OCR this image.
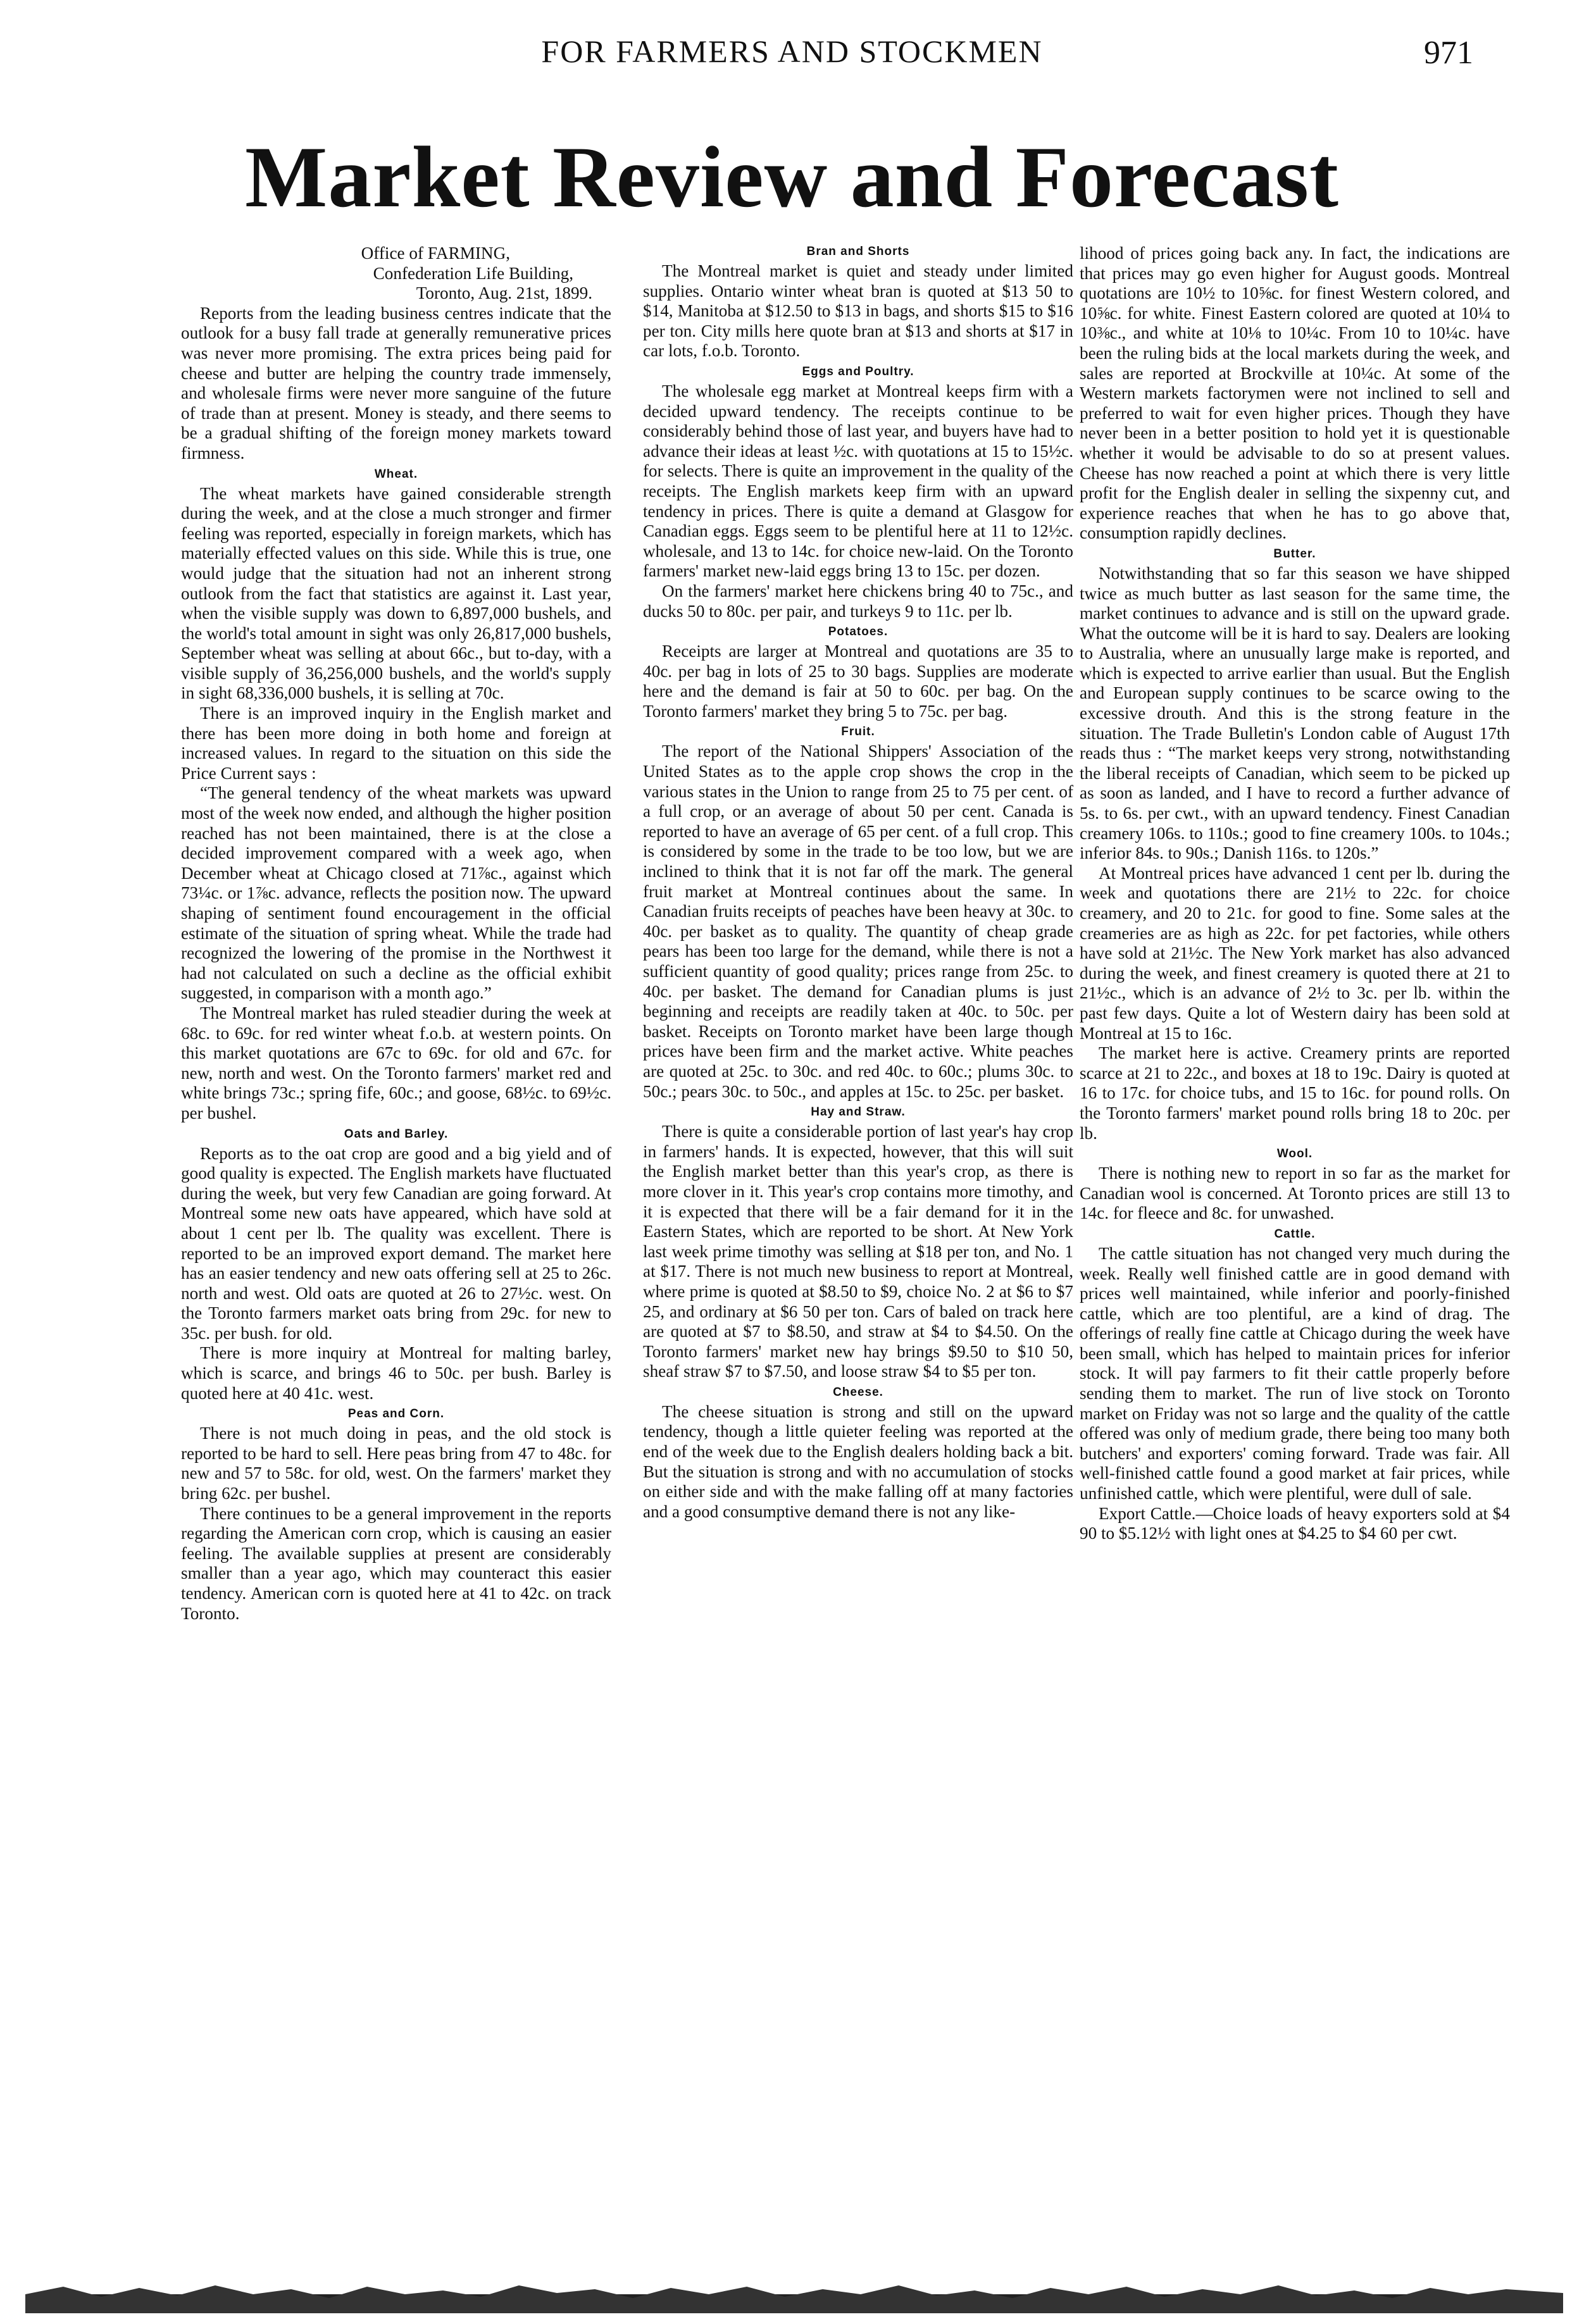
FOR FARMERS AND STOCKMEN	971
Market Review and Forecast
Office of FARMING,
Confederation Life Building,
Toronto, Aug. 21st, 1899.

Reports from the leading business centres indicate that the outlook for a busy fall trade at generally remunerative prices was never more promising. The extra prices being paid for cheese and butter are helping the country trade immensely, and wholesale firms were never more sanguine of the future of trade than at present. Money is steady, and there seems to be a gradual shifting of the foreign money markets toward firmness.

Wheat.

The wheat markets have gained considerable strength during the week, and at the close a much stronger and firmer feeling was reported, especially in foreign markets, which has materially effected values on this side. While this is true, one would judge that the situation had not an inherent strong outlook from the fact that statistics are against it. Last year, when the visible supply was down to 6,897,000 bushels, and the world's total amount in sight was only 26,817,000 bushels, September wheat was selling at about 66c., but to-day, with a visible supply of 36,256,000 bushels, and the world's supply in sight 68,336,000 bushels, it is selling at 70c.

There is an improved inquiry in the English market and there has been more doing in both home and foreign at increased values. In regard to the situation on this side the Price Current says :

“The general tendency of the wheat markets was upward most of the week now ended, and although the higher position reached has not been maintained, there is at the close a decided improvement compared with a week ago, when December wheat at Chicago closed at 71⅞c., against which 73¼c. or 1⅞c. advance, reflects the position now. The upward shaping of sentiment found encouragement in the official estimate of the situation of spring wheat. While the trade had recognized the lowering of the promise in the Northwest it had not calculated on such a decline as the official exhibit suggested, in comparison with a month ago.”

The Montreal market has ruled steadier during the week at 68c. to 69c. for red winter wheat f.o.b. at western points. On this market quotations are 67c to 69c. for old and 67c. for new, north and west. On the Toronto farmers' market red and white brings 73c.; spring fife, 60c.; and goose, 68½c. to 69½c. per bushel.

Oats and Barley.

Reports as to the oat crop are good and a big yield and of good quality is expected. The English markets have fluctuated during the week, but very few Canadian are going forward. At Montreal some new oats have appeared, which have sold at about 1 cent per lb. The quality was excellent. There is reported to be an improved export demand. The market here has an easier tendency and new oats offering sell at 25 to 26c. north and west. Old oats are quoted at 26 to 27½c. west. On the Toronto farmers market oats bring from 29c. for new to 35c. per bush. for old.

There is more inquiry at Montreal for malting barley, which is scarce, and brings 46 to 50c. per bush. Barley is quoted here at 40 41c. west.

Peas and Corn.

There is not much doing in peas, and the old stock is reported to be hard to sell. Here peas bring from 47 to 48c. for new and 57 to 58c. for old, west. On the farmers' market they bring 62c. per bushel.

There continues to be a general improvement in the reports regarding the American corn crop, which is causing an easier feeling. The available supplies at present are considerably smaller than a year ago, which may counteract this easier tendency. American corn is quoted here at 41 to 42c. on track Toronto.

Bran and Shorts

The Montreal market is quiet and steady under limited supplies. Ontario winter wheat bran is quoted at $13 50 to $14, Manitoba at $12.50 to $13 in bags, and shorts $15 to $16 per ton. City mills here quote bran at $13 and shorts at $17 in car lots, f.o.b. Toronto.

Eggs and Poultry.

The wholesale egg market at Montreal keeps firm with a decided upward tendency. The receipts continue to be considerably behind those of last year, and buyers have had to advance their ideas at least ½c. with quotations at 15 to 15½c. for selects. There is quite an improvement in the quality of the receipts. The English markets keep firm with an upward tendency in prices. There is quite a demand at Glasgow for Canadian eggs. Eggs seem to be plentiful here at 11 to 12½c. wholesale, and 13 to 14c. for choice new-laid. On the Toronto farmers' market new-laid eggs bring 13 to 15c. per dozen.

On the farmers' market here chickens bring 40 to 75c., and ducks 50 to 80c. per pair, and turkeys 9 to 11c. per lb.

Potatoes.

Receipts are larger at Montreal and quotations are 35 to 40c. per bag in lots of 25 to 30 bags. Supplies are moderate here and the demand is fair at 50 to 60c. per bag. On the Toronto farmers' market they bring 5 to 75c. per bag.

Fruit.

The report of the National Shippers' Association of the United States as to the apple crop shows the crop in the various states in the Union to range from 25 to 75 per cent. of a full crop, or an average of about 50 per cent. Canada is reported to have an average of 65 per cent. of a full crop. This is considered by some in the trade to be too low, but we are inclined to think that it is not far off the mark. The general fruit market at Montreal continues about the same. In Canadian fruits receipts of peaches have been heavy at 30c. to 40c. per basket as to quality. The quantity of cheap grade pears has been too large for the demand, while there is not a sufficient quantity of good quality; prices range from 25c. to 40c. per basket. The demand for Canadian plums is just beginning and receipts are readily taken at 40c. to 50c. per basket. Receipts on Toronto market have been large though prices have been firm and the market active. White peaches are quoted at 25c. to 30c. and red 40c. to 60c.; plums 30c. to 50c.; pears 30c. to 50c., and apples at 15c. to 25c. per basket.

Hay and Straw.

There is quite a considerable portion of last year's hay crop in farmers' hands. It is expected, however, that this will suit the English market better than this year's crop, as there is more clover in it. This year's crop contains more timothy, and it is expected that there will be a fair demand for it in the Eastern States, which are reported to be short. At New York last week prime timothy was selling at $18 per ton, and No. 1 at $17. There is not much new business to report at Montreal, where prime is quoted at $8.50 to $9, choice No. 2 at $6 to $7 25, and ordinary at $6 50 per ton. Cars of baled on track here are quoted at $7 to $8.50, and straw at $4 to $4.50. On the Toronto farmers' market new hay brings $9.50 to $10 50, sheaf straw $7 to $7.50, and loose straw $4 to $5 per ton.

Cheese.

The cheese situation is strong and still on the upward tendency, though a little quieter feeling was reported at the end of the week due to the English dealers holding back a bit. But the situation is strong and with no accumulation of stocks on either side and with the make falling off at many factories and a good consumptive demand there is not any like-

lihood of prices going back any. In fact, the indications are that prices may go even higher for August goods. Montreal quotations are 10½ to 10⅝c. for finest Western colored, and 10⅝c. for white. Finest Eastern colored are quoted at 10¼ to 10⅜c., and white at 10⅛ to 10¼c. From 10 to 10¼c. have been the ruling bids at the local markets during the week, and sales are reported at Brockville at 10¼c. At some of the Western markets factorymen were not inclined to sell and preferred to wait for even higher prices. Though they have never been in a better position to hold yet it is questionable whether it would be advisable to do so at present values. Cheese has now reached a point at which there is very little profit for the English dealer in selling the sixpenny cut, and experience reaches that when he has to go above that, consumption rapidly declines.

Butter.

Notwithstanding that so far this season we have shipped twice as much butter as last season for the same time, the market continues to advance and is still on the upward grade. What the outcome will be it is hard to say. Dealers are looking to Australia, where an unusually large make is reported, and which is expected to arrive earlier than usual. But the English and European supply continues to be scarce owing to the excessive drouth. And this is the strong feature in the situation. The Trade Bulletin's London cable of August 17th reads thus : “The market keeps very strong, notwithstanding the liberal receipts of Canadian, which seem to be picked up as soon as landed, and I have to record a further advance of 5s. to 6s. per cwt., with an upward tendency. Finest Canadian creamery 106s. to 110s.; good to fine creamery 100s. to 104s.; inferior 84s. to 90s.; Danish 116s. to 120s.”

At Montreal prices have advanced 1 cent per lb. during the week and quotations there are 21½ to 22c. for choice creamery, and 20 to 21c. for good to fine. Some sales at the creameries are as high as 22c. for pet factories, while others have sold at 21½c. The New York market has also advanced during the week, and finest creamery is quoted there at 21 to 21½c., which is an advance of 2½ to 3c. per lb. within the past few days. Quite a lot of Western dairy has been sold at Montreal at 15 to 16c.

The market here is active. Creamery prints are reported scarce at 21 to 22c., and boxes at 18 to 19c. Dairy is quoted at 16 to 17c. for choice tubs, and 15 to 16c. for pound rolls. On the Toronto farmers' market pound rolls bring 18 to 20c. per lb.

Wool.

There is nothing new to report in so far as the market for Canadian wool is concerned. At Toronto prices are still 13 to 14c. for fleece and 8c. for unwashed.

Cattle.

The cattle situation has not changed very much during the week. Really well finished cattle are in good demand with prices well maintained, while inferior and poorly-finished cattle, which are too plentiful, are a kind of drag. The offerings of really fine cattle at Chicago during the week have been small, which has helped to maintain prices for inferior stock. It will pay farmers to fit their cattle properly before sending them to market. The run of live stock on Toronto market on Friday was not so large and the quality of the cattle offered was only of medium grade, there being too many both butchers' and exporters' coming forward. Trade was fair. All well-finished cattle found a good market at fair prices, while unfinished cattle, which were plentiful, were dull of sale.

Export Cattle.—Choice loads of heavy exporters sold at $4 90 to $5.12½ with light ones at $4.25 to $4 60 per cwt.
